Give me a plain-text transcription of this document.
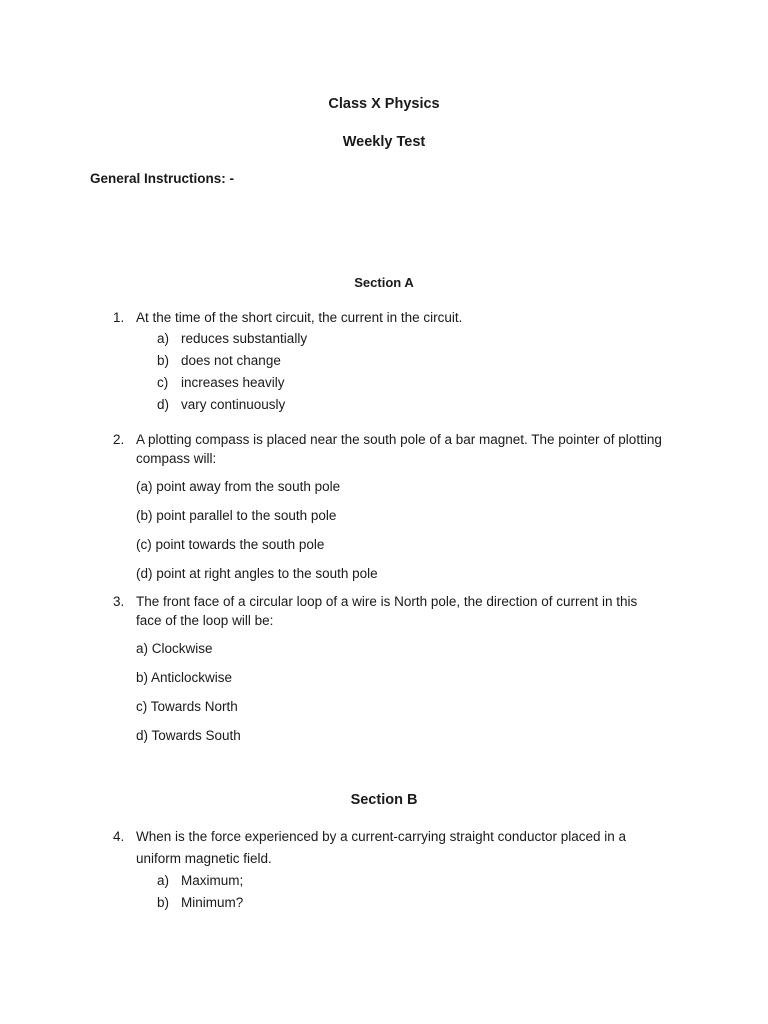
Class X Physics
Weekly Test
General Instructions: -
Section A
1. At the time of the short circuit, the current in the circuit.
a) reduces substantially
b) does not change
c) increases heavily
d) vary continuously
2. A plotting compass is placed near the south pole of a bar magnet. The pointer of plotting
compass will:
(a) point away from the south pole
(b) point parallel to the south pole
(c) point towards the south pole
(d) point at right angles to the south pole
3. The front face of a circular loop of a wire is North pole, the direction of current in this
face of the loop will be:
a) Clockwise
b) Anticlockwise
c) Towards North
d) Towards South
Section B
4. When is the force experienced by a current-carrying straight conductor placed in a
uniform magnetic field.
a) Maximum;
b) Minimum?
